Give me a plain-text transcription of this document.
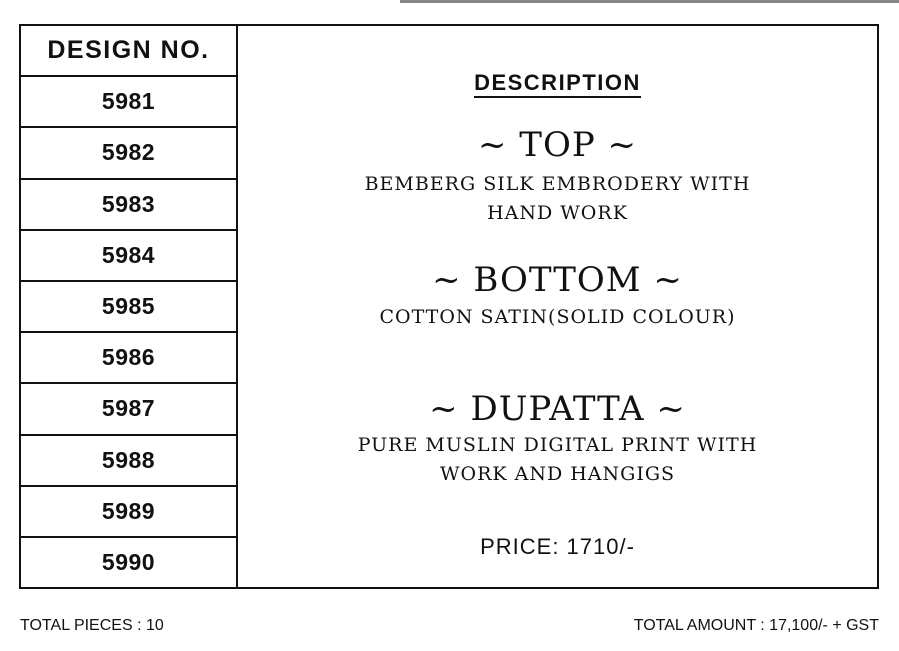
DESIGN NO.
5981
5982
5983
5984
5985
5986
5987
5988
5989
5990
DESCRIPTION
~ TOP ~
BEMBERG SILK EMBRODERY WITH
HAND WORK
~ BOTTOM ~
COTTON SATIN(SOLID COLOUR)
~ DUPATTA ~
PURE MUSLIN DIGITAL PRINT WITH
WORK AND HANGIGS
PRICE: 1710/-
TOTAL PIECES : 10	TOTAL AMOUNT : 17,100/- + GST
